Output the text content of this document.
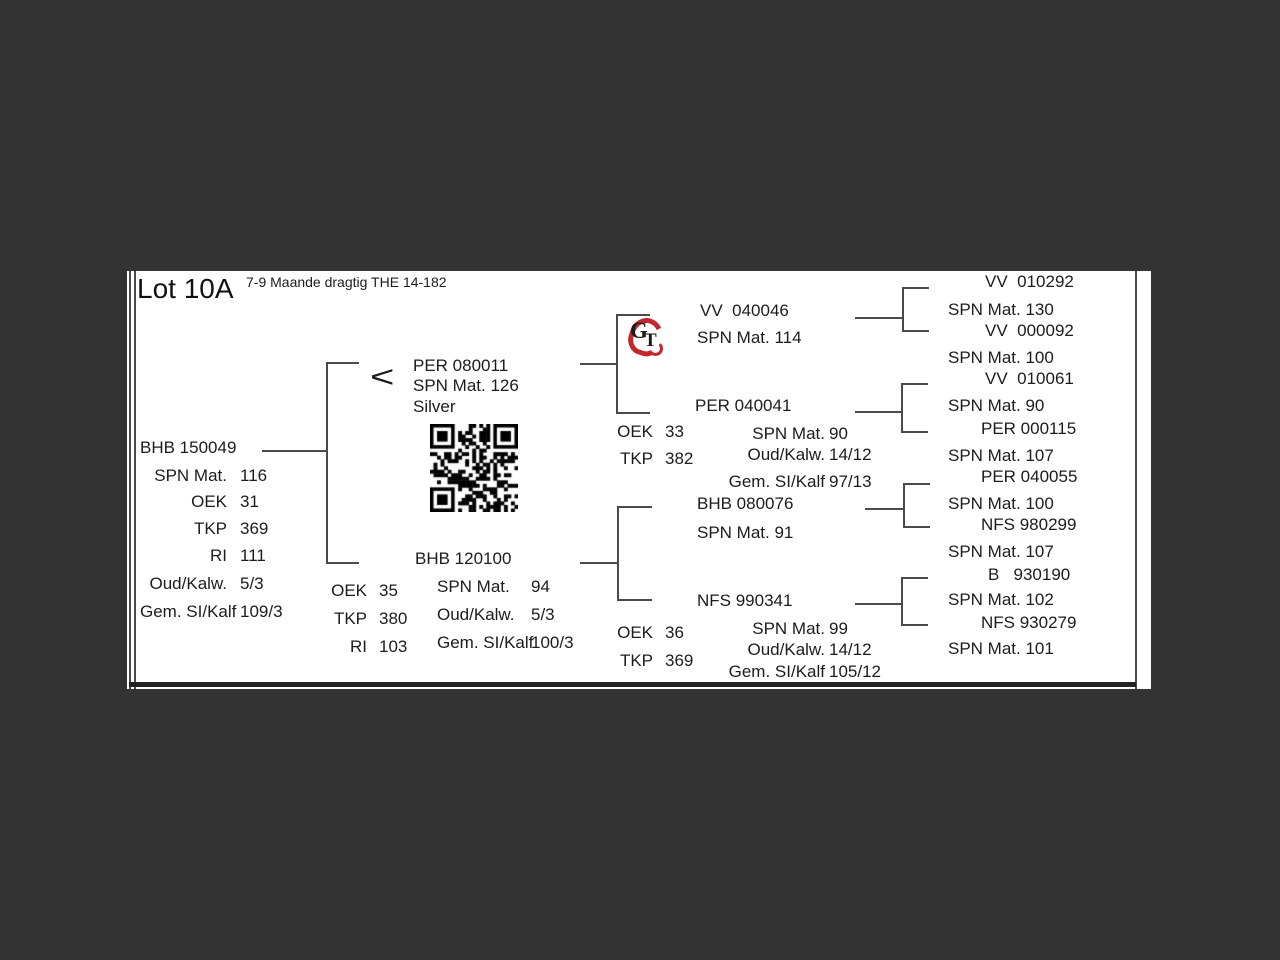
Lot 10A 7-9 Maande dragtig THE 14-182
BHB 150049
SPN Mat. 116
OEK 31
TKP 369
RI 111
Oud/Kalw. 5/3
Gem. SI/Kalf 109/3
< PER 080011
SPN Mat. 126
Silver
BHB 120100
OEK 35
TKP 380
RI 103
SPN Mat. 94
Oud/Kalw. 5/3
Gem. SI/Kalf100/3
G
T
VV  040046
SPN Mat. 114
PER 040041
OEK 33
TKP 382
SPN Mat. 90
Oud/Kalw. 14/12
Gem. SI/Kalf 97/13
BHB 080076
SPN Mat. 91
NFS 990341
OEK 36
TKP 369
SPN Mat. 99
Oud/Kalw. 14/12
Gem. SI/Kalf 105/12
VV  010292
SPN Mat. 130
VV  000092
SPN Mat. 100
VV  010061
SPN Mat. 90
PER 000115
SPN Mat. 107
PER 040055
SPN Mat. 100
NFS 980299
SPN Mat. 107
B   930190
SPN Mat. 102
NFS 930279
SPN Mat. 101
